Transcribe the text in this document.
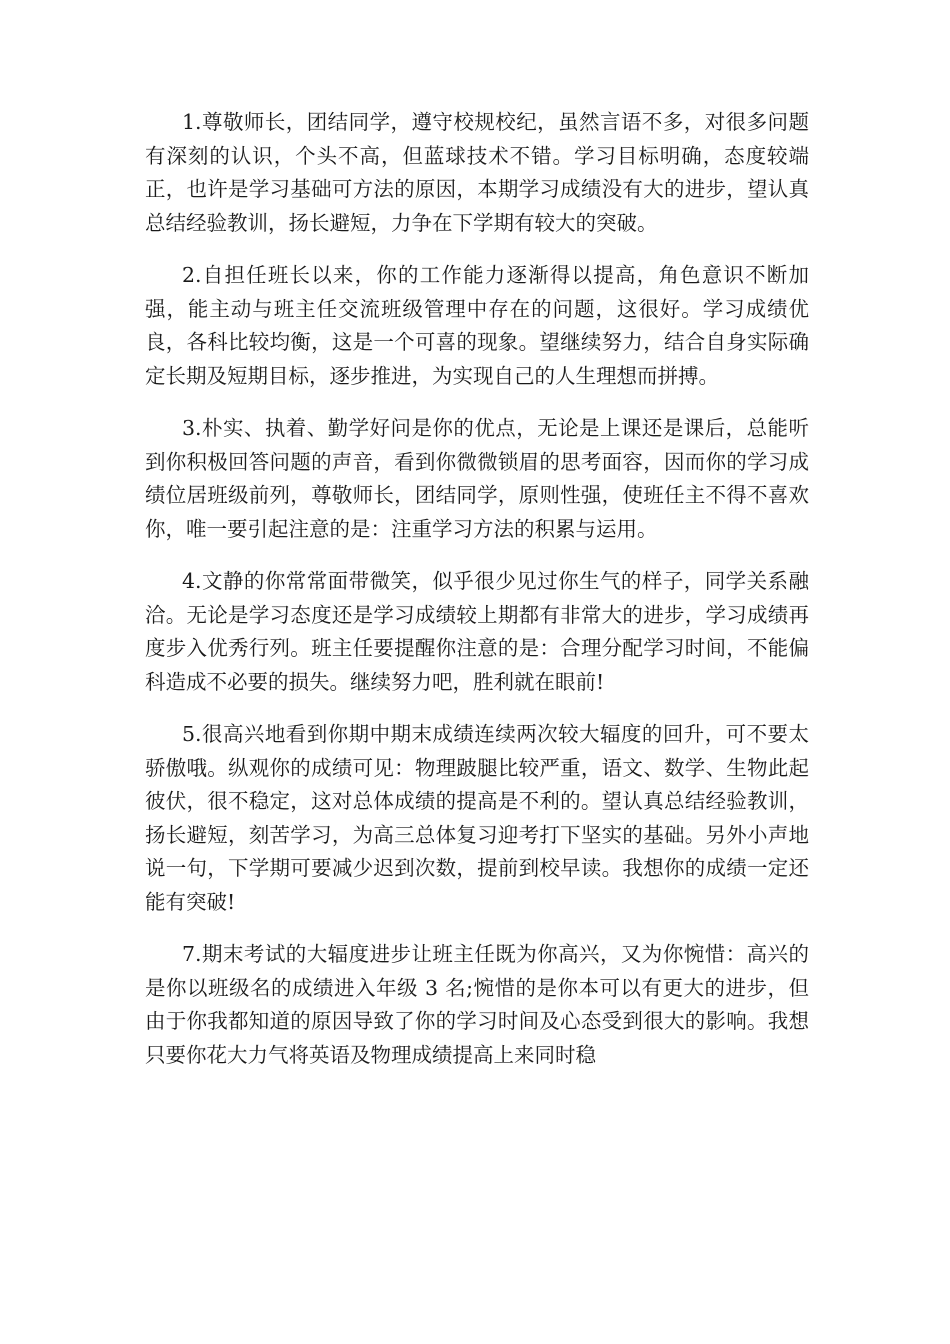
1.尊敬师长，团结同学，遵守校规校纪，虽然言语不多，对很多问题有深刻的认识，个头不高，但蓝球技术不错。学习目标明确，态度较端正，也许是学习基础可方法的原因，本期学习成绩没有大的进步，望认真总结经验教训，扬长避短，力争在下学期有较大的突破。

2.自担任班长以来，你的工作能力逐渐得以提高，角色意识不断加强，能主动与班主任交流班级管理中存在的问题，这很好。学习成绩优良，各科比较均衡，这是一个可喜的现象。望继续努力，结合自身实际确定长期及短期目标，逐步推进，为实现自己的人生理想而拼搏。

3.朴实、执着、勤学好问是你的优点，无论是上课还是课后，总能听到你积极回答问题的声音，看到你微微锁眉的思考面容，因而你的学习成绩位居班级前列，尊敬师长，团结同学，原则性强，使班任主不得不喜欢你，唯一要引起注意的是：注重学习方法的积累与运用。

4.文静的你常常面带微笑，似乎很少见过你生气的样子，同学关系融洽。无论是学习态度还是学习成绩较上期都有非常大的进步，学习成绩再度步入优秀行列。班主任要提醒你注意的是：合理分配学习时间，不能偏科造成不必要的损失。继续努力吧，胜利就在眼前!

5.很高兴地看到你期中期末成绩连续两次较大辐度的回升，可不要太骄傲哦。纵观你的成绩可见：物理跛腿比较严重，语文、数学、生物此起彼伏，很不稳定，这对总体成绩的提高是不利的。望认真总结经验教训，扬长避短，刻苦学习，为高三总体复习迎考打下坚实的基础。另外小声地说一句，下学期可要减少迟到次数，提前到校早读。我想你的成绩一定还能有突破!

7.期末考试的大辐度进步让班主任既为你高兴，又为你惋惜：高兴的是你以班级名的成绩进入年级 3 名;惋惜的是你本可以有更大的进步，但由于你我都知道的原因导致了你的学习时间及心态受到很大的影响。我想只要你花大力气将英语及物理成绩提高上来同时稳
